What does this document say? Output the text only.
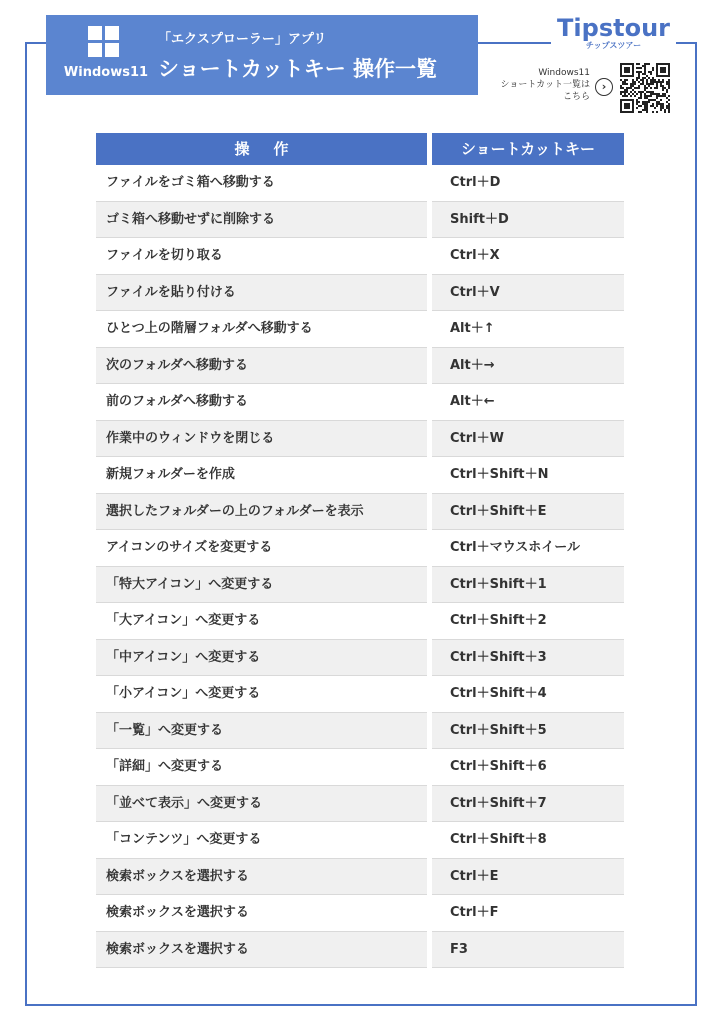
Windows11
「エクスプローラー」アプリ
ショートカットキー 操作一覧
Tipstour
チップスツアー
Windows11
ショートカット一覧は
こちら
›
操作	ショートカットキー
ファイルをゴミ箱へ移動する	Ctrl＋D
ゴミ箱へ移動せずに削除する	Shift＋D
ファイルを切り取る	Ctrl＋X
ファイルを貼り付ける	Ctrl＋V
ひとつ上の階層フォルダへ移動する	Alt＋↑
次のフォルダへ移動する	Alt＋→
前のフォルダへ移動する	Alt＋←
作業中のウィンドウを閉じる	Ctrl＋W
新規フォルダーを作成	Ctrl＋Shift＋N
選択したフォルダーの上のフォルダーを表示	Ctrl＋Shift＋E
アイコンのサイズを変更する	Ctrl＋マウスホイール
「特大アイコン」へ変更する	Ctrl＋Shift＋1
「大アイコン」へ変更する	Ctrl＋Shift＋2
「中アイコン」へ変更する	Ctrl＋Shift＋3
「小アイコン」へ変更する	Ctrl＋Shift＋4
「一覧」へ変更する	Ctrl＋Shift＋5
「詳細」へ変更する	Ctrl＋Shift＋6
「並べて表示」へ変更する	Ctrl＋Shift＋7
「コンテンツ」へ変更する	Ctrl＋Shift＋8
検索ボックスを選択する	Ctrl＋E
検索ボックスを選択する	Ctrl＋F
検索ボックスを選択する	F3
